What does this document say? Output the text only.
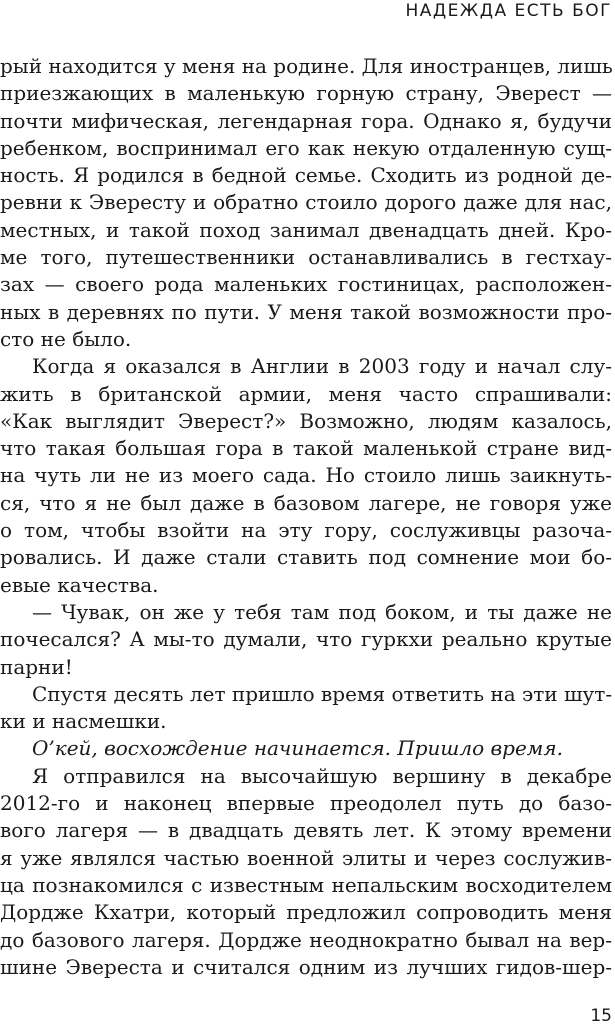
НАДЕЖДА ЕСТЬ БОГ
рый находится у меня на родине. Для иностранцев, лишь
приезжающих в маленькую горную страну, Эверест —
почти мифическая, легендарная гора. Однако я, будучи
ребенком, воспринимал его как некую отдаленную сущ-
ность. Я родился в бедной семье. Сходить из родной де-
ревни к Эвересту и обратно стоило дорого даже для нас,
местных, и такой поход занимал двенадцать дней. Кро-
ме того, путешественники останавливались в гестхау-
зах — своего рода маленьких гостиницах, расположен-
ных в деревнях по пути. У меня такой возможности про-
сто не было.
Когда я оказался в Англии в 2003 году и начал слу-
жить в британской армии, меня часто спрашивали:
«Как выглядит Эверест?» Возможно, людям казалось,
что такая большая гора в такой маленькой стране вид-
на чуть ли не из моего сада. Но стоило лишь заикнуть-
ся, что я не был даже в базовом лагере, не говоря уже
о том, чтобы взойти на эту гору, сослуживцы разоча-
ровались. И даже стали ставить под сомнение мои бо-
евые качества.
— Чувак, он же у тебя там под боком, и ты даже не
почесался? А мы-то думали, что гуркхи реально крутые
парни!
Спустя десять лет пришло время ответить на эти шут-
ки и насмешки.
О’кей, восхождение начинается. Пришло время.
Я отправился на высочайшую вершину в декабре
2012-го и наконец впервые преодолел путь до базо-
вого лагеря — в двадцать девять лет. К этому времени
я уже являлся частью военной элиты и через сослужив-
ца познакомился с известным непальским восходителем
Дордже Кхатри, который предложил сопроводить меня
до базового лагеря. Дордже неоднократно бывал на вер-
шине Эвереста и считался одним из лучших гидов-шер-
15
